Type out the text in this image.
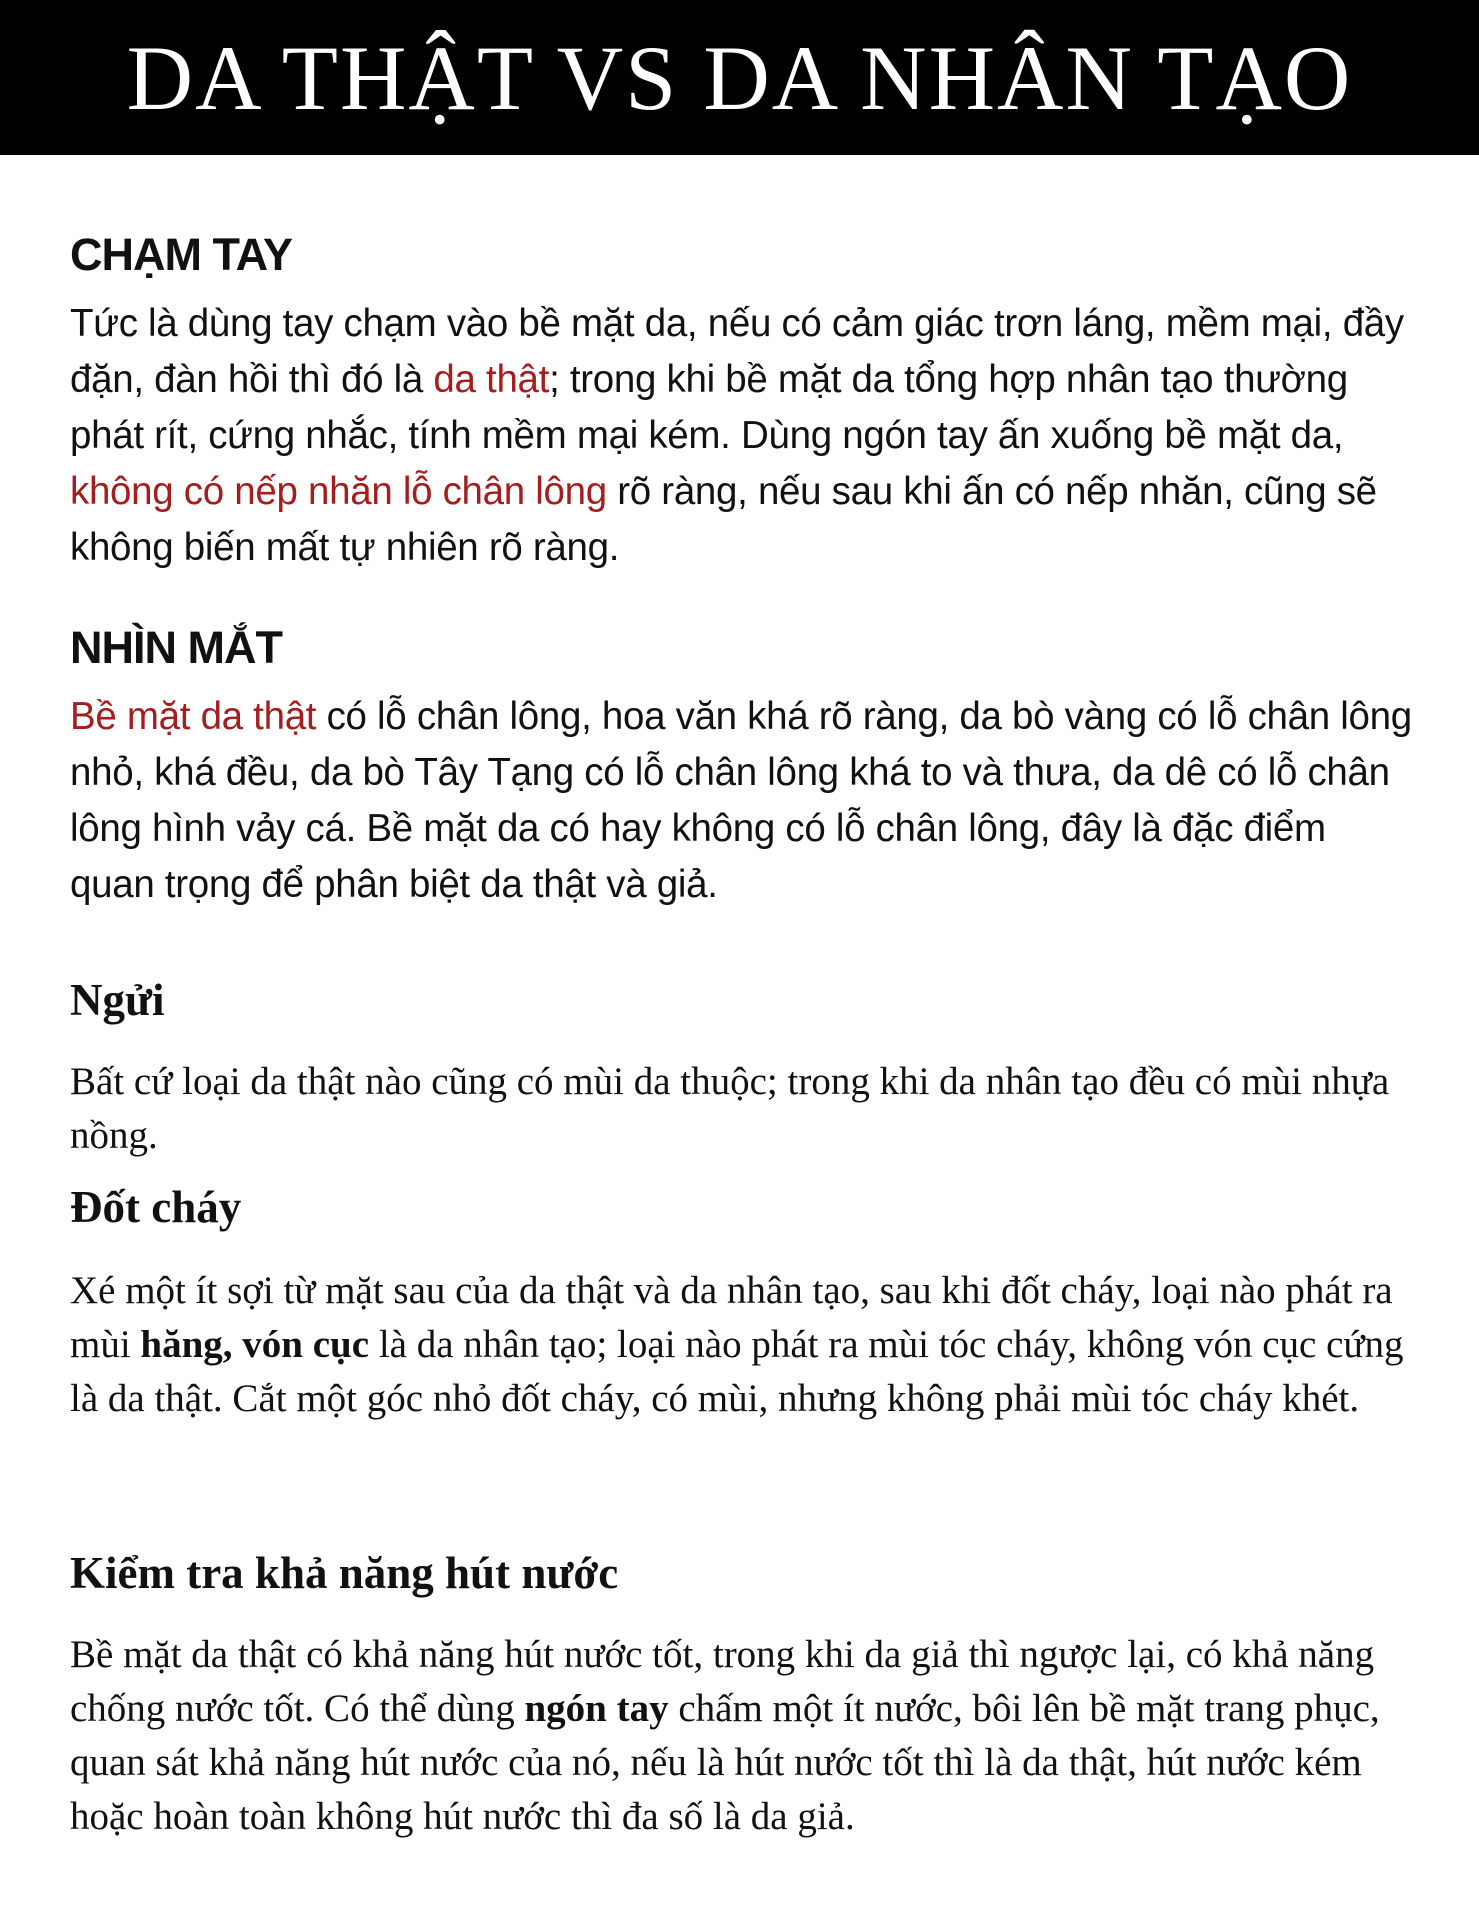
DA THẬT VS DA NHÂN TẠO
CHẠM TAY

Tức là dùng tay chạm vào bề mặt da, nếu có cảm giác trơn láng, mềm mại, đầy đặn, đàn hồi thì đó là da thật; trong khi bề mặt da tổng hợp nhân tạo thường phát rít, cứng nhắc, tính mềm mại kém. Dùng ngón tay ấn xuống bề mặt da, không có nếp nhăn lỗ chân lông rõ ràng, nếu sau khi ấn có nếp nhăn, cũng sẽ không biến mất tự nhiên rõ ràng.

NHÌN MẮT

Bề mặt da thật có lỗ chân lông, hoa văn khá rõ ràng, da bò vàng có lỗ chân lông nhỏ, khá đều, da bò Tây Tạng có lỗ chân lông khá to và thưa, da dê có lỗ chân lông hình vảy cá. Bề mặt da có hay không có lỗ chân lông, đây là đặc điểm quan trọng để phân biệt da thật và giả.

Ngửi

Bất cứ loại da thật nào cũng có mùi da thuộc; trong khi da nhân tạo đều có mùi nhựa nồng.

Đốt cháy

Xé một ít sợi từ mặt sau của da thật và da nhân tạo, sau khi đốt cháy, loại nào phát ra mùi hăng, vón cục là da nhân tạo; loại nào phát ra mùi tóc cháy, không vón cục cứng là da thật. Cắt một góc nhỏ đốt cháy, có mùi, nhưng không phải mùi tóc cháy khét.

Kiểm tra khả năng hút nước

Bề mặt da thật có khả năng hút nước tốt, trong khi da giả thì ngược lại, có khả năng chống nước tốt. Có thể dùng ngón tay chấm một ít nước, bôi lên bề mặt trang phục, quan sát khả năng hút nước của nó, nếu là hút nước tốt thì là da thật, hút nước kém hoặc hoàn toàn không hút nước thì đa số là da giả.
